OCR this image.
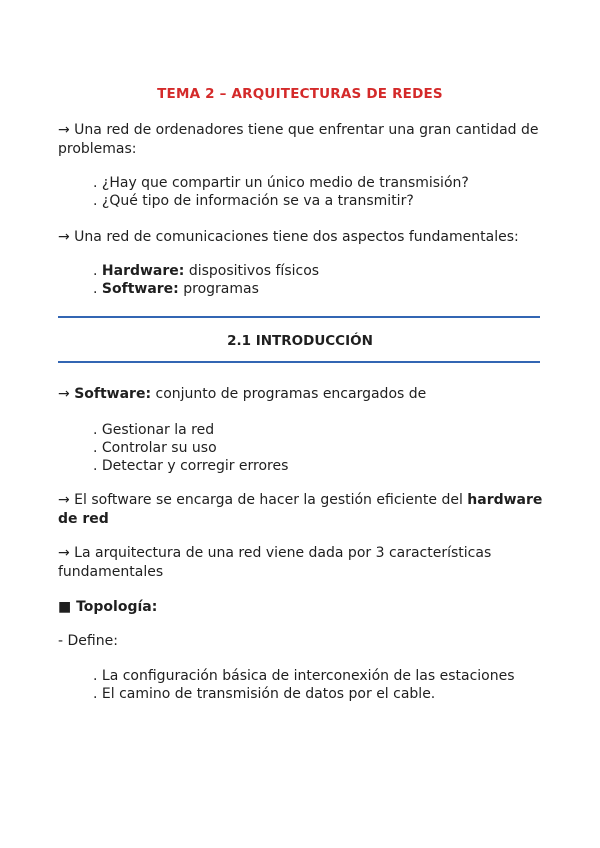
TEMA 2 – ARQUITECTURAS DE REDES
→ Una red de ordenadores tiene que enfrentar una gran cantidad de problemas:
. ¿Hay que compartir un único medio de transmisión?
. ¿Qué tipo de información se va a transmitir?
→ Una red de comunicaciones tiene dos aspectos fundamentales:
. Hardware: dispositivos físicos
. Software: programas
2.1 INTRODUCCIÓN
→ Software: conjunto de programas encargados de
. Gestionar la red
. Controlar su uso
. Detectar y corregir errores
→ El software se encarga de hacer la gestión eficiente del hardware de red
→ La arquitectura de una red viene dada por 3 características fundamentales
■ Topología:
- Define:
. La configuración básica de interconexión de las estaciones
. El camino de transmisión de datos por el cable.
